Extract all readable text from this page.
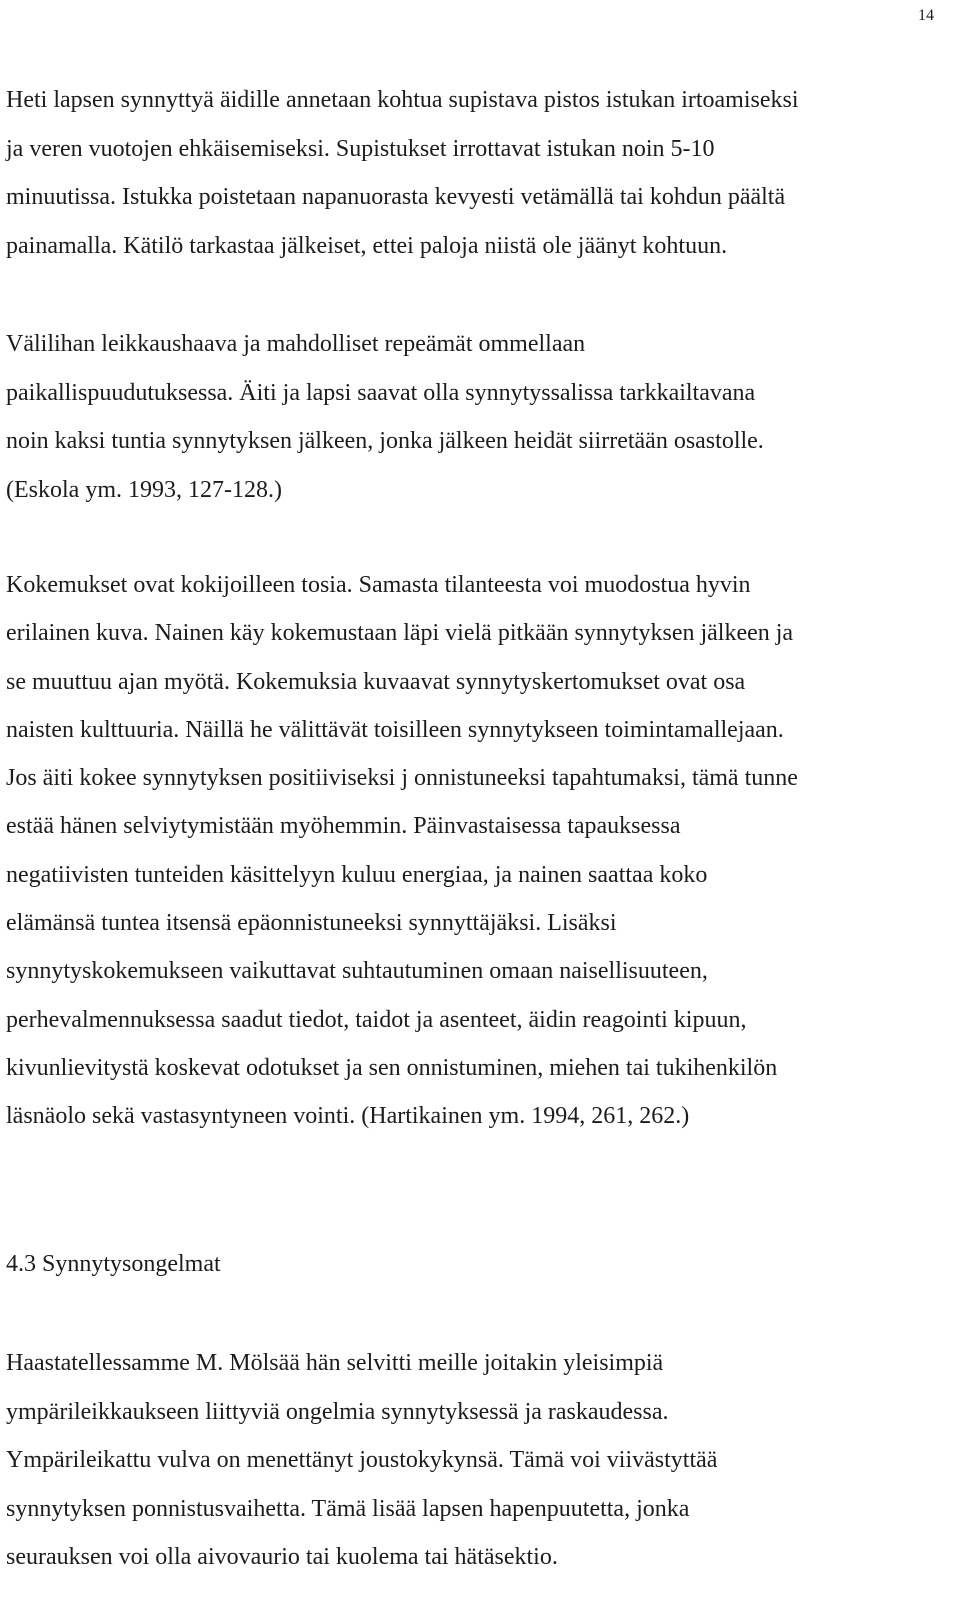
14

Heti lapsen synnyttyä äidille annetaan kohtua supistava pistos istukan irtoamiseksi
ja veren vuotojen ehkäisemiseksi. Supistukset irrottavat istukan noin 5-10
minuutissa. Istukka poistetaan napanuorasta kevyesti vetämällä tai kohdun päältä
painamalla. Kätilö tarkastaa jälkeiset, ettei paloja niistä ole jäänyt kohtuun.

Välilihan leikkaushaava ja mahdolliset repeämät ommellaan
paikallispuudutuksessa. Äiti ja lapsi saavat olla synnytyssalissa tarkkailtavana
noin kaksi tuntia synnytyksen jälkeen, jonka jälkeen heidät siirretään osastolle.
(Eskola ym. 1993, 127-128.)

Kokemukset ovat kokijoilleen tosia. Samasta tilanteesta voi muodostua hyvin
erilainen kuva. Nainen käy kokemustaan läpi vielä pitkään synnytyksen jälkeen ja
se muuttuu ajan myötä. Kokemuksia kuvaavat synnytyskertomukset ovat osa
naisten kulttuuria. Näillä he välittävät toisilleen synnytykseen toimintamallejaan.
Jos äiti kokee synnytyksen positiiviseksi j onnistuneeksi tapahtumaksi, tämä tunne
estää hänen selviytymistään myöhemmin. Päinvastaisessa tapauksessa
negatiivisten tunteiden käsittelyyn kuluu energiaa, ja nainen saattaa koko
elämänsä tuntea itsensä epäonnistuneeksi synnyttäjäksi. Lisäksi
synnytyskokemukseen vaikuttavat suhtautuminen omaan naisellisuuteen,
perhevalmennuksessa saadut tiedot, taidot ja asenteet, äidin reagointi kipuun,
kivunlievitystä koskevat odotukset ja sen onnistuminen, miehen tai tukihenkilön
läsnäolo sekä vastasyntyneen vointi. (Hartikainen ym. 1994, 261, 262.)

4.3 Synnytysongelmat

Haastatellessamme M. Mölsää hän selvitti meille joitakin yleisimpiä
ympärileikkaukseen liittyviä ongelmia synnytyksessä ja raskaudessa.
Ympärileikattu vulva on menettänyt joustokykynsä. Tämä voi viivästyttää
synnytyksen ponnistusvaihetta. Tämä lisää lapsen hapenpuutetta, jonka
seurauksen voi olla aivovaurio tai kuolema tai hätäsektio.
